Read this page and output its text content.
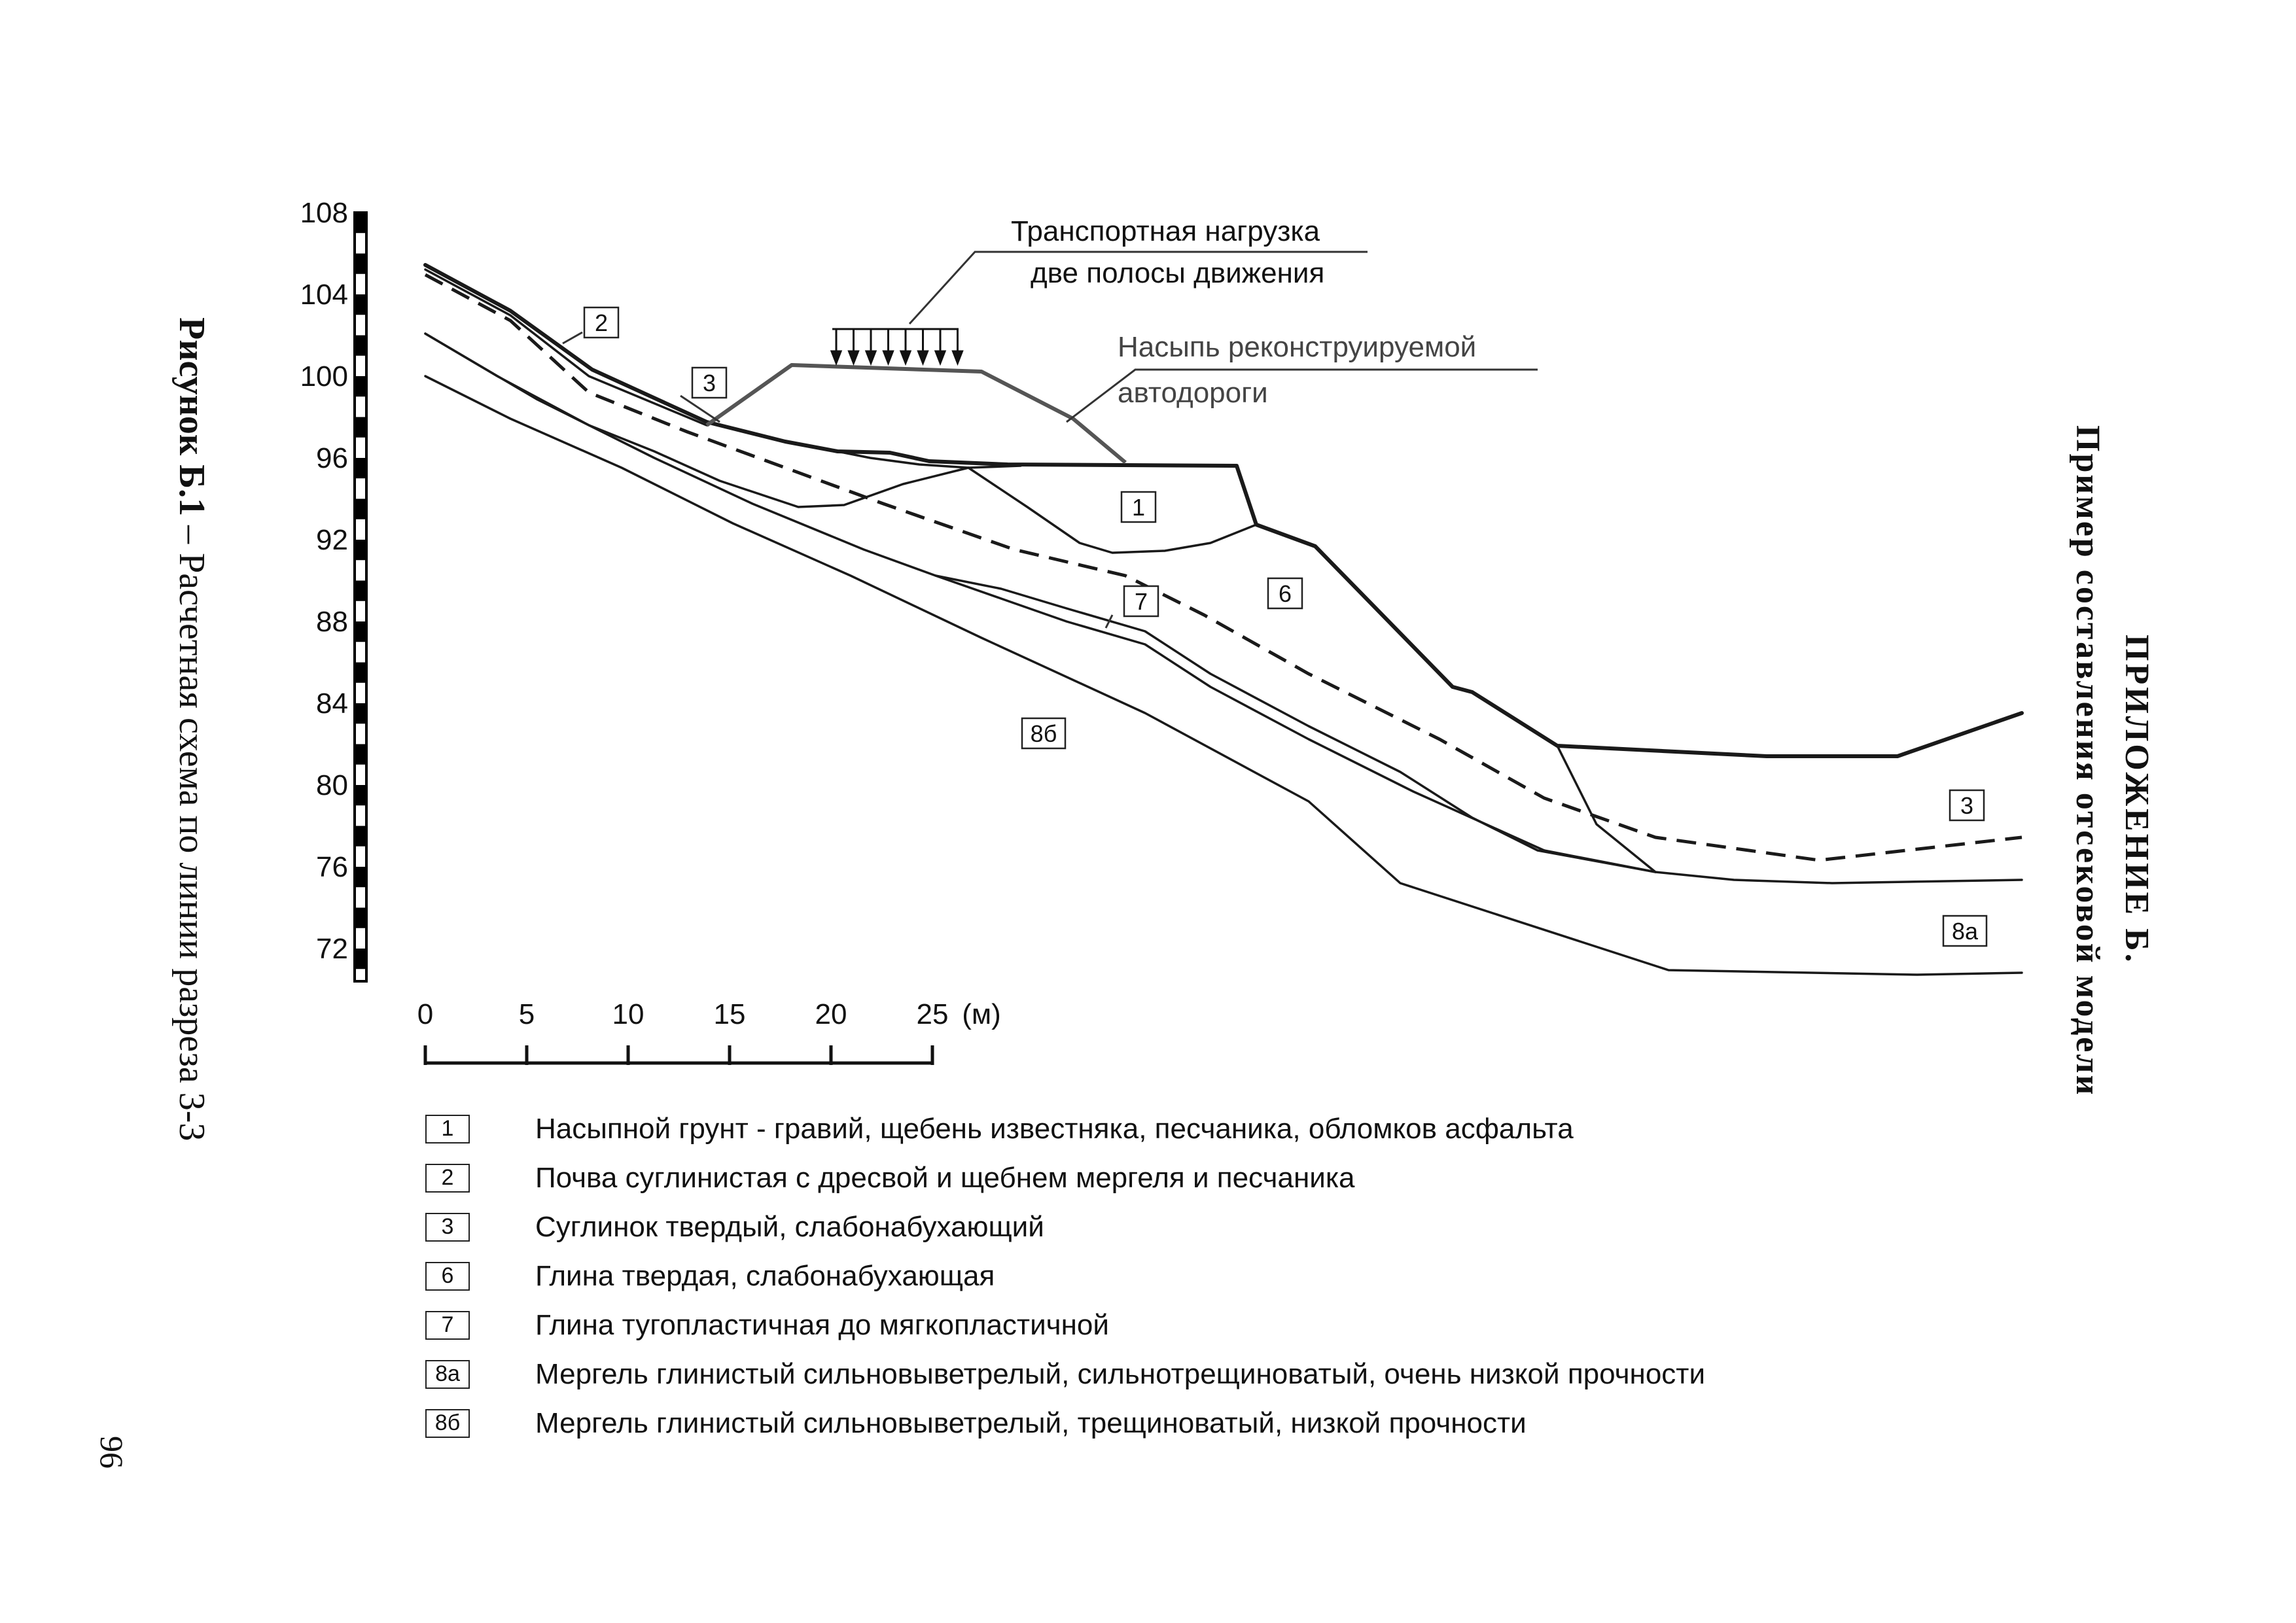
108
104
100
96
92
88
84
80
76
72
Транспортная нагрузка
две полосы движения
Насыпь реконструируемой
автодороги
2
3
1
7	6
8б
3
8а
0	5	10 15 20 25 (м)
Рисунок Б.1 – Расчетная схема по линии разреза 3-3
96
ПРИЛОЖЕНИЕ Б.
Пример составления отсековой модели
1	Насыпной грунт - гравий, щебень известняка, песчаника, обломков асфальта
2	Почва суглинистая с дресвой и щебнем мергеля и песчаника
3	Суглинок твердый, слабонабухающий
6	Глина твердая, слабонабухающая
7	Глина тугопластичная до мягкопластичной
8а	Мергель глинистый сильновыветрелый, сильнотрещиноватый, очень низкой прочности
8б	Мергель глинистый сильновыветрелый, трещиноватый, низкой прочности
